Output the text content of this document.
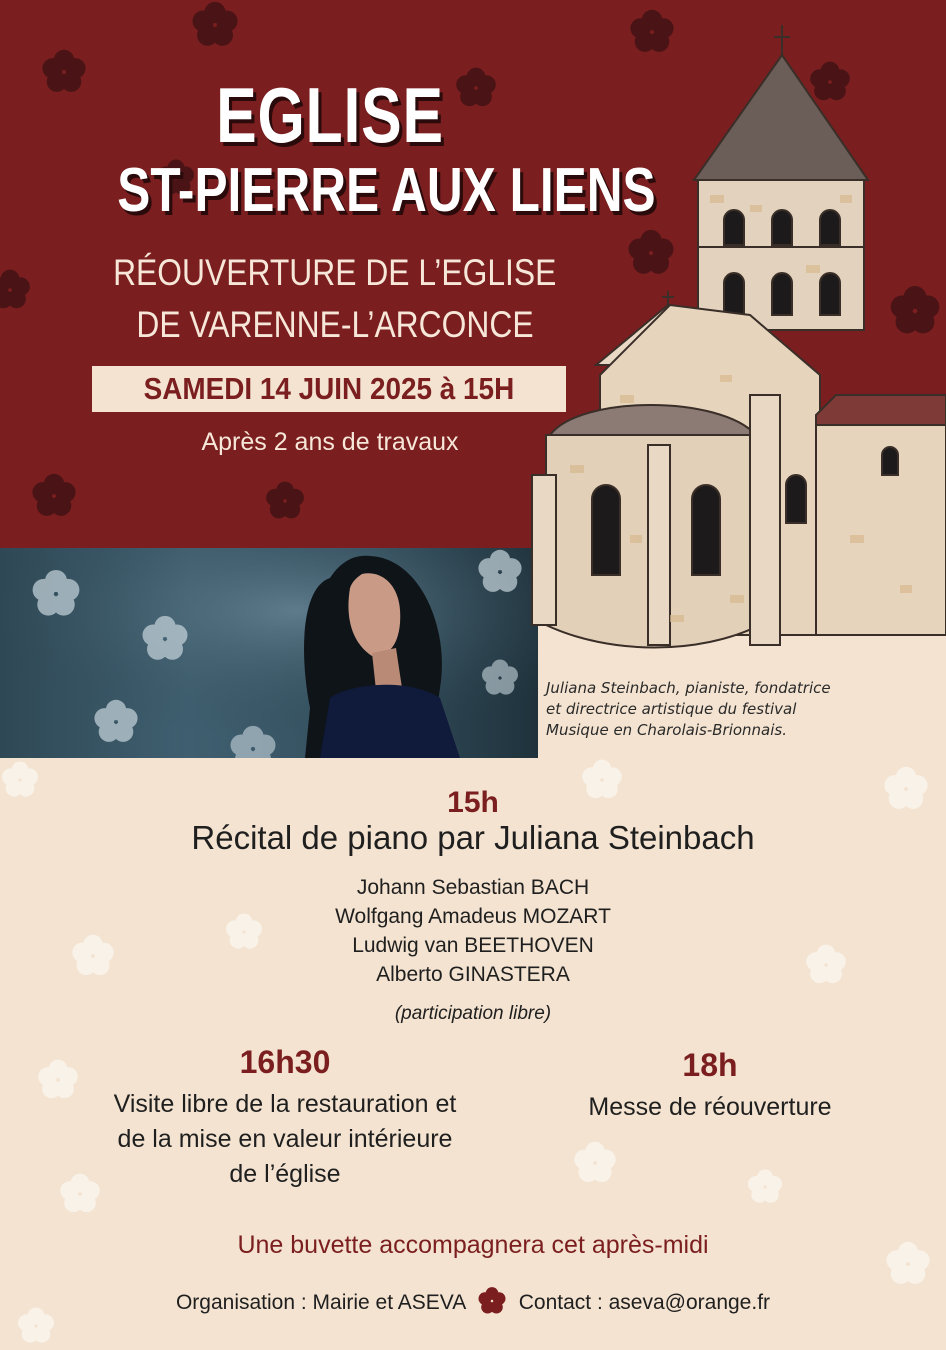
EGLISE
ST-PIERRE AUX LIENS
RÉOUVERTURE DE L’EGLISE
DE VARENNE-L’ARCONCE
SAMEDI 14 JUIN 2025 à 15H
Après 2 ans de travaux
Juliana Steinbach, pianiste, fondatrice
et directrice artistique du festival
Musique en Charolais-Brionnais.
15h
Récital de piano par Juliana Steinbach
Johann Sebastian BACH
Wolfgang Amadeus MOZART
Ludwig van BEETHOVEN
Alberto GINASTERA
(participation libre)
16h30
Visite libre de la restauration et
de la mise en valeur intérieure
de l’église
18h
Messe de réouverture
Une buvette accompagnera cet après-midi
Organisation : Mairie et ASEVA	Contact : aseva@orange.fr
